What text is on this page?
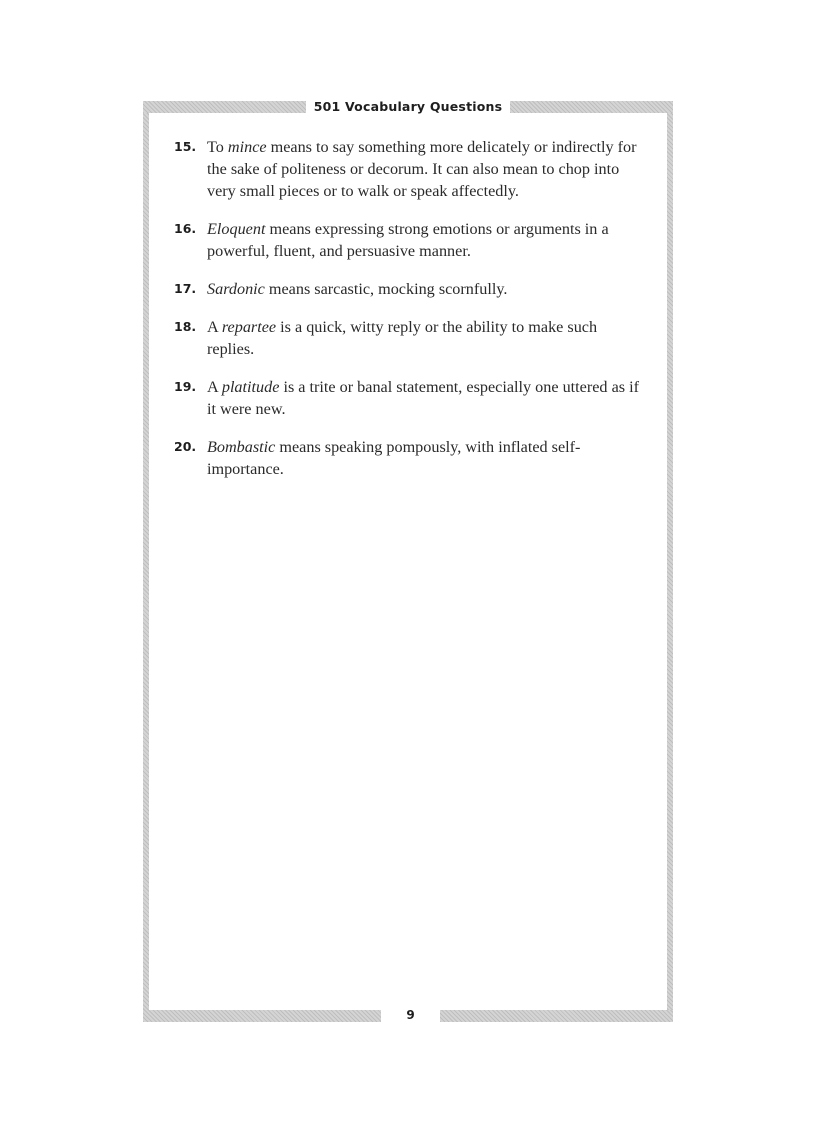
501 Vocabulary Questions
15. To mince means to say something more delicately or indirectly for the sake of politeness or decorum. It can also mean to chop into very small pieces or to walk or speak affectedly.
16. Eloquent means expressing strong emotions or arguments in a powerful, fluent, and persuasive manner.
17. Sardonic means sarcastic, mocking scornfully.
18. A repartee is a quick, witty reply or the ability to make such replies.
19. A platitude is a trite or banal statement, especially one uttered as if it were new.
20. Bombastic means speaking pompously, with inflated self-importance.
9
